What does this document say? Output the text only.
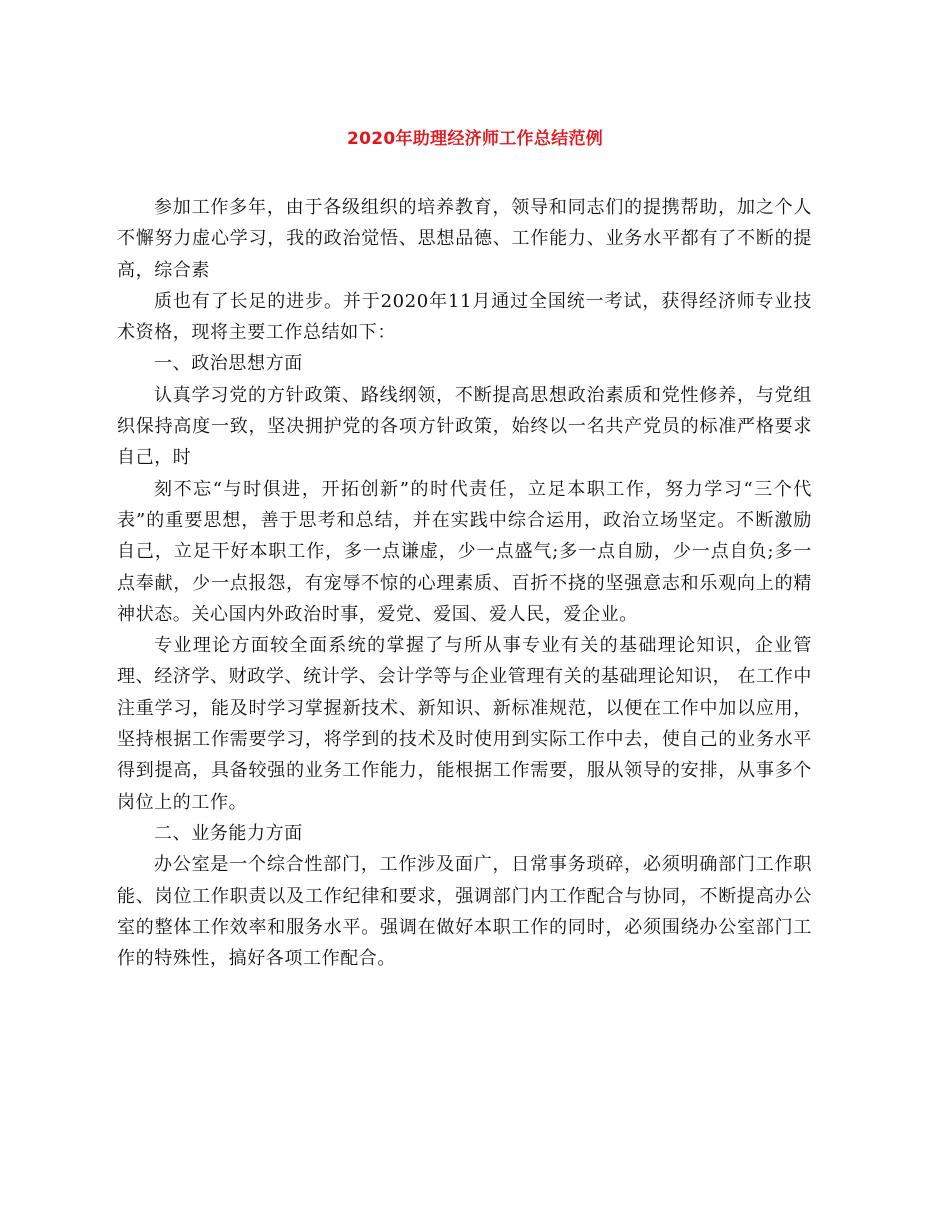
2020年助理经济师工作总结范例

参加工作多年，由于各级组织的培养教育，领导和同志们的提携帮助，加之个人不懈努力虚心学习，我的政治觉悟、思想品德、工作能力、业务水平都有了不断的提高，综合素

质也有了长足的进步。并于2020年11月通过全国统一考试，获得经济师专业技术资格，现将主要工作总结如下：

一、政治思想方面

认真学习党的方针政策、路线纲领，不断提高思想政治素质和党性修养，与党组织保持高度一致，坚决拥护党的各项方针政策，始终以一名共产党员的标准严格要求自己，时

刻不忘“与时俱进，开拓创新”的时代责任，立足本职工作，努力学习“三个代表”的重要思想，善于思考和总结，并在实践中综合运用，政治立场坚定。不断激励自己，立足干好本职工作，多一点谦虚，少一点盛气;多一点自励，少一点自负;多一点奉献，少一点报怨，有宠辱不惊的心理素质、百折不挠的坚强意志和乐观向上的精神状态。关心国内外政治时事，爱党、爱国、爱人民，爱企业。

专业理论方面较全面系统的掌握了与所从事专业有关的基础理论知识，企业管理、经济学、财政学、统计学、会计学等与企业管理有关的基础理论知识， 在工作中注重学习，能及时学习掌握新技术、新知识、新标准规范，以便在工作中加以应用，坚持根据工作需要学习，将学到的技术及时使用到实际工作中去，使自己的业务水平得到提高，具备较强的业务工作能力，能根据工作需要，服从领导的安排，从事多个岗位上的工作。

二、业务能力方面

办公室是一个综合性部门，工作涉及面广，日常事务琐碎，必须明确部门工作职能、岗位工作职责以及工作纪律和要求，强调部门内工作配合与协同，不断提高办公室的整体工作效率和服务水平。强调在做好本职工作的同时，必须围绕办公室部门工作的特殊性，搞好各项工作配合。
